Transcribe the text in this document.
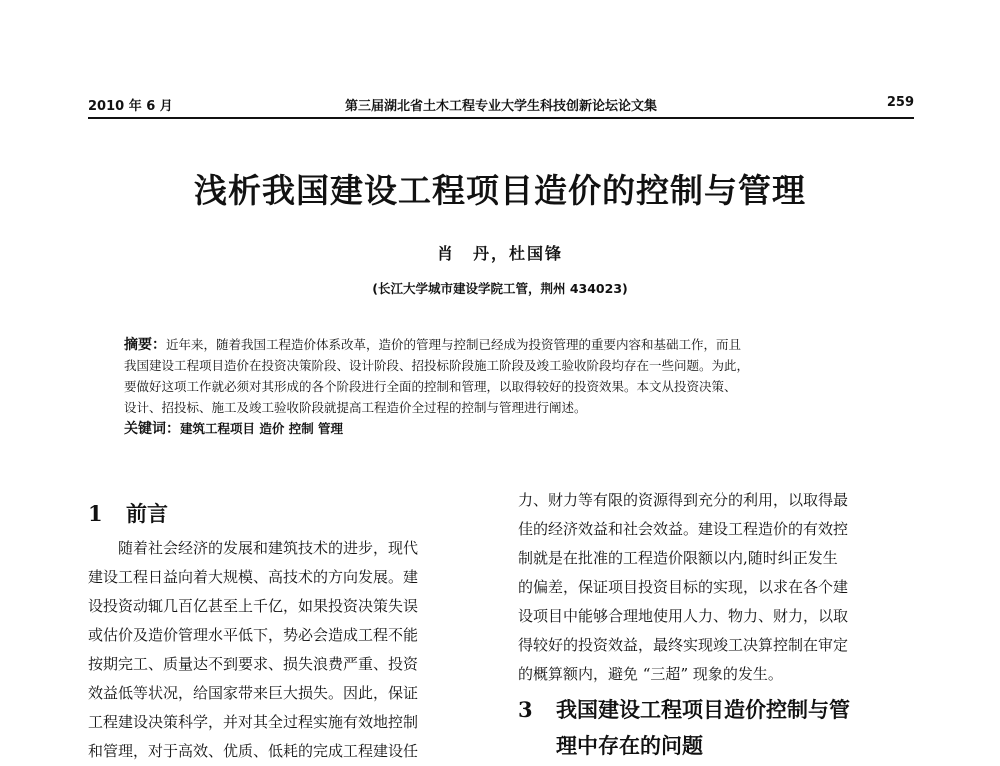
2010 年 6 月	第三届湖北省土木工程专业大学生科技创新论坛论文集	259
浅析我国建设工程项目造价的控制与管理
肖　丹，杜国锋
(长江大学城市建设学院工管，荆州 434023)
摘要：近年来，随着我国工程造价体系改革，造价的管理与控制已经成为投资管理的重要内容和基础工作，而且
我国建设工程项目造价在投资决策阶段、设计阶段、招投标阶段施工阶段及竣工验收阶段均存在一些问题。为此，
要做好这项工作就必须对其形成的各个阶段进行全面的控制和管理，以取得较好的投资效果。本文从投资决策、
设计、招投标、施工及竣工验收阶段就提高工程造价全过程的控制与管理进行阐述。
关键词：建筑工程项目 造价 控制 管理
1 前言
随着社会经济的发展和建筑技术的进步，现代
建设工程日益向着大规模、高技术的方向发展。建
设投资动辄几百亿甚至上千亿，如果投资决策失误
或估价及造价管理水平低下，势必会造成工程不能
按期完工、质量达不到要求、损失浪费严重、投资
效益低等状况，给国家带来巨大损失。因此，保证
工程建设决策科学，并对其全过程实施有效地控制
和管理，对于高效、优质、低耗的完成工程建设任
力、财力等有限的资源得到充分的利用，以取得最
佳的经济效益和社会效益。建设工程造价的有效控
制就是在批准的工程造价限额以内,随时纠正发生
的偏差，保证项目投资目标的实现，以求在各个建
设项目中能够合理地使用人力、物力、财力，以取
得较好的投资效益，最终实现竣工决算控制在审定
的概算额内，避免 “三超” 现象的发生。
3 我国建设工程项目造价控制与管
理中存在的问题
